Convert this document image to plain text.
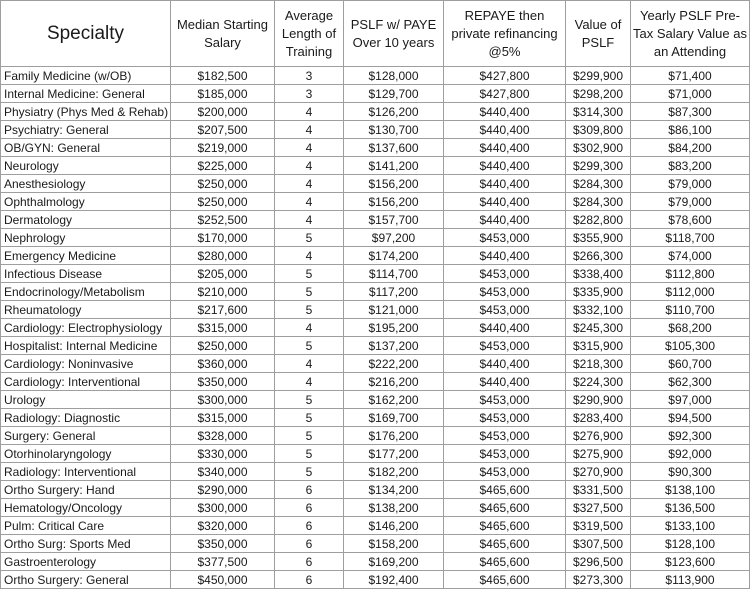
Specialty	Median Starting Salary	Average Length of Training	PSLF w/ PAYE Over 10 years	REPAYE then private refinancing @5%	Value of PSLF	Yearly PSLF Pre-Tax Salary Value as an Attending
Family Medicine (w/OB)	$182,500	3	$128,000	$427,800	$299,900	$71,400
Internal Medicine: General	$185,000	3	$129,700	$427,800	$298,200	$71,000
Physiatry (Phys Med & Rehab)	$200,000	4	$126,200	$440,400	$314,300	$87,300
Psychiatry: General	$207,500	4	$130,700	$440,400	$309,800	$86,100
OB/GYN: General	$219,000	4	$137,600	$440,400	$302,900	$84,200
Neurology	$225,000	4	$141,200	$440,400	$299,300	$83,200
Anesthesiology	$250,000	4	$156,200	$440,400	$284,300	$79,000
Ophthalmology	$250,000	4	$156,200	$440,400	$284,300	$79,000
Dermatology	$252,500	4	$157,700	$440,400	$282,800	$78,600
Nephrology	$170,000	5	$97,200	$453,000	$355,900	$118,700
Emergency Medicine	$280,000	4	$174,200	$440,400	$266,300	$74,000
Infectious Disease	$205,000	5	$114,700	$453,000	$338,400	$112,800
Endocrinology/Metabolism	$210,000	5	$117,200	$453,000	$335,900	$112,000
Rheumatology	$217,600	5	$121,000	$453,000	$332,100	$110,700
Cardiology: Electrophysiology	$315,000	4	$195,200	$440,400	$245,300	$68,200
Hospitalist: Internal Medicine	$250,000	5	$137,200	$453,000	$315,900	$105,300
Cardiology: Noninvasive	$360,000	4	$222,200	$440,400	$218,300	$60,700
Cardiology: Interventional	$350,000	4	$216,200	$440,400	$224,300	$62,300
Urology	$300,000	5	$162,200	$453,000	$290,900	$97,000
Radiology: Diagnostic	$315,000	5	$169,700	$453,000	$283,400	$94,500
Surgery: General	$328,000	5	$176,200	$453,000	$276,900	$92,300
Otorhinolaryngology	$330,000	5	$177,200	$453,000	$275,900	$92,000
Radiology: Interventional	$340,000	5	$182,200	$453,000	$270,900	$90,300
Ortho Surgery: Hand	$290,000	6	$134,200	$465,600	$331,500	$138,100
Hematology/Oncology	$300,000	6	$138,200	$465,600	$327,500	$136,500
Pulm: Critical Care	$320,000	6	$146,200	$465,600	$319,500	$133,100
Ortho Surg: Sports Med	$350,000	6	$158,200	$465,600	$307,500	$128,100
Gastroenterology	$377,500	6	$169,200	$465,600	$296,500	$123,600
Ortho Surgery: General	$450,000	6	$192,400	$465,600	$273,300	$113,900
